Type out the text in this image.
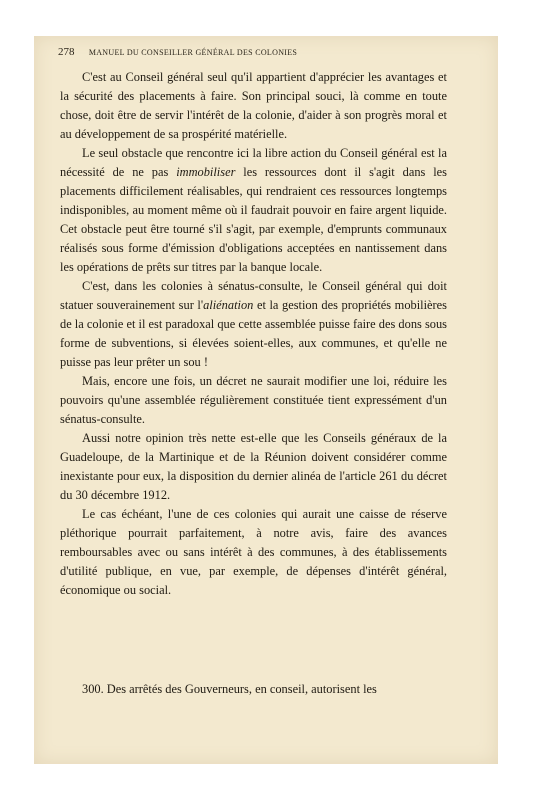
278 MANUEL DU CONSEILLER GÉNÉRAL DES COLONIES

C'est au Conseil général seul qu'il appartient d'apprécier les avantages et la sécurité des placements à faire. Son principal souci, là comme en toute chose, doit être de servir l'intérêt de la colonie, d'aider à son progrès moral et au développement de sa prospérité matérielle.

Le seul obstacle que rencontre ici la libre action du Conseil général est la nécessité de ne pas immobiliser les ressources dont il s'agit dans les placements difficilement réalisables, qui rendraient ces ressources longtemps indisponibles, au moment même où il faudrait pouvoir en faire argent liquide. Cet obstacle peut être tourné s'il s'agit, par exemple, d'emprunts communaux réalisés sous forme d'émission d'obligations acceptées en nantissement dans les opérations de prêts sur titres par la banque locale.

C'est, dans les colonies à sénatus-consulte, le Conseil général qui doit statuer souverainement sur l'aliénation et la gestion des propriétés mobilières de la colonie et il est paradoxal que cette assemblée puisse faire des dons sous forme de subventions, si élevées soient-elles, aux communes, et qu'elle ne puisse pas leur prêter un sou !

Mais, encore une fois, un décret ne saurait modifier une loi, réduire les pouvoirs qu'une assemblée régulièrement constituée tient expressément d'un sénatus-consulte.

Aussi notre opinion très nette est-elle que les Conseils généraux de la Guadeloupe, de la Martinique et de la Réunion doivent considérer comme inexistante pour eux, la disposition du dernier alinéa de l'article 261 du décret du 30 décembre 1912.

Le cas échéant, l'une de ces colonies qui aurait une caisse de réserve pléthorique pourrait parfaitement, à notre avis, faire des avances remboursables avec ou sans intérêt à des communes, à des établissements d'utilité publique, en vue, par exemple, de dépenses d'intérêt général, économique ou social.

300. Des arrêtés des Gouverneurs, en conseil, autorisent les
